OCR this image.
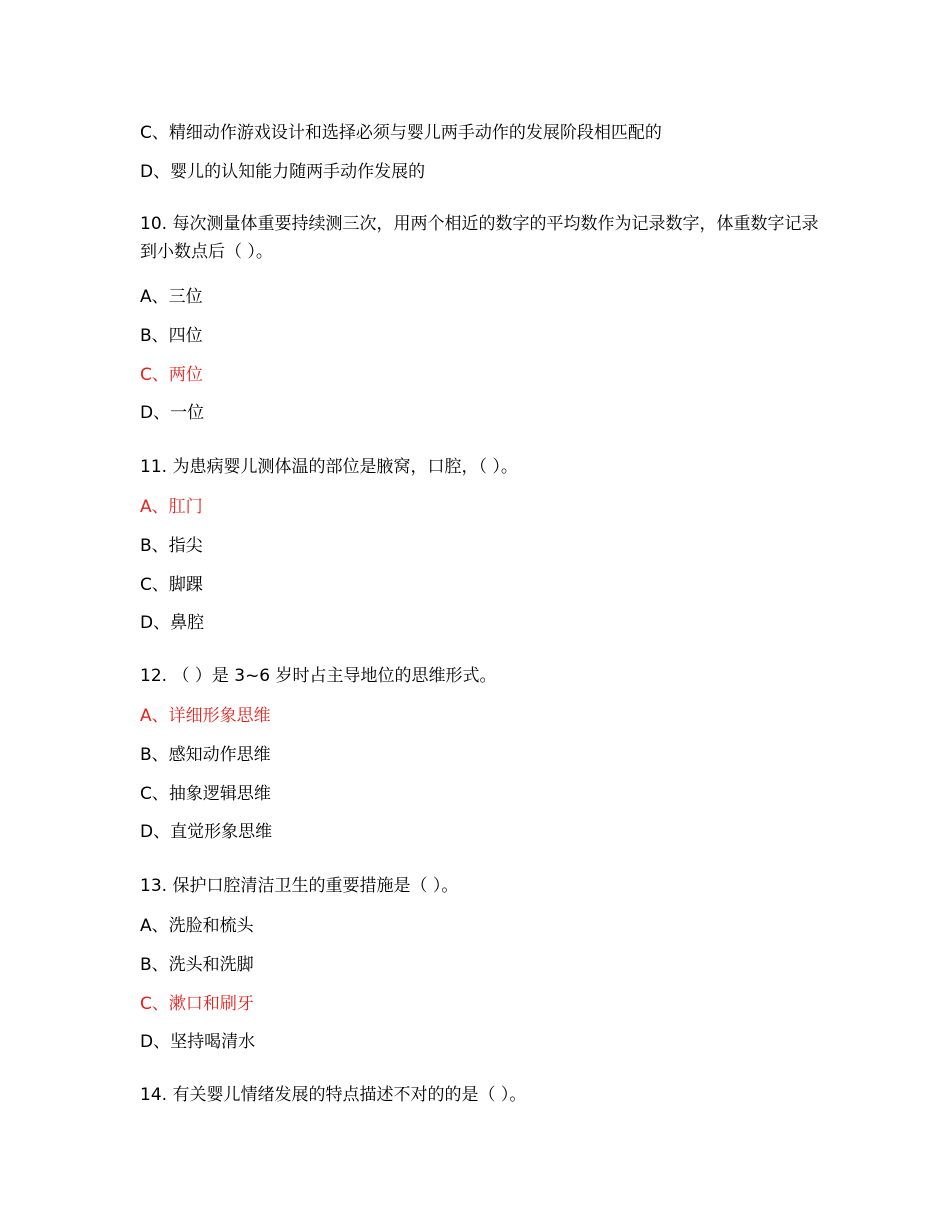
C、精细动作游戏设计和选择必须与婴儿两手动作的发展阶段相匹配的
D、婴儿的认知能力随两手动作发展的
10. 每次测量体重要持续测三次，用两个相近的数字的平均数作为记录数字，体重数字记录到小数点后（ ）。
A、三位
B、四位
C、两位
D、一位
11. 为患病婴儿测体温的部位是腋窝，口腔，（ ）。
A、肛门
B、指尖
C、脚踝
D、鼻腔
12. （ ）是 3~6 岁时占主导地位的思维形式。
A、详细形象思维
B、感知动作思维
C、抽象逻辑思维
D、直觉形象思维
13. 保护口腔清洁卫生的重要措施是（ ）。
A、洗脸和梳头
B、洗头和洗脚
C、漱口和刷牙
D、坚持喝清水
14. 有关婴儿情绪发展的特点描述不对的的是（ ）。
